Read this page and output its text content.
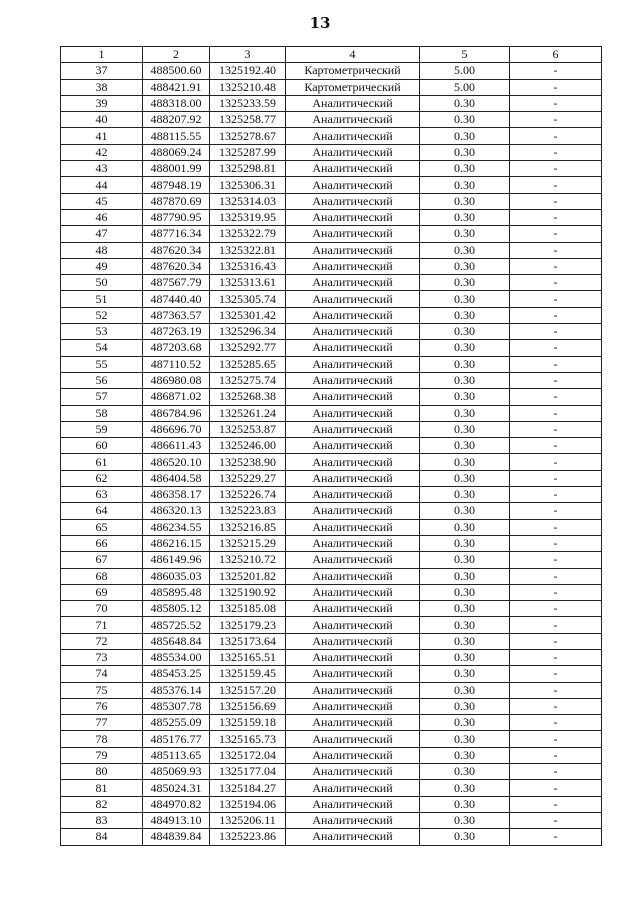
13
1	2	3	4	5	6
37	488500.60	1325192.40	Картометрический	5.00	-
38	488421.91	1325210.48	Картометрический	5.00	-
39	488318.00	1325233.59	Аналитический	0.30	-
40	488207.92	1325258.77	Аналитический	0.30	-
41	488115.55	1325278.67	Аналитический	0.30	-
42	488069.24	1325287.99	Аналитический	0.30	-
43	488001.99	1325298.81	Аналитический	0.30	-
44	487948.19	1325306.31	Аналитический	0.30	-
45	487870.69	1325314.03	Аналитический	0.30	-
46	487790.95	1325319.95	Аналитический	0.30	-
47	487716.34	1325322.79	Аналитический	0.30	-
48	487620.34	1325322.81	Аналитический	0.30	-
49	487620.34	1325316.43	Аналитический	0.30	-
50	487567.79	1325313.61	Аналитический	0.30	-
51	487440.40	1325305.74	Аналитический	0.30	-
52	487363.57	1325301.42	Аналитический	0.30	-
53	487263.19	1325296.34	Аналитический	0.30	-
54	487203.68	1325292.77	Аналитический	0.30	-
55	487110.52	1325285.65	Аналитический	0.30	-
56	486980.08	1325275.74	Аналитический	0.30	-
57	486871.02	1325268.38	Аналитический	0.30	-
58	486784.96	1325261.24	Аналитический	0.30	-
59	486696.70	1325253.87	Аналитический	0.30	-
60	486611.43	1325246.00	Аналитический	0.30	-
61	486520.10	1325238.90	Аналитический	0.30	-
62	486404.58	1325229.27	Аналитический	0.30	-
63	486358.17	1325226.74	Аналитический	0.30	-
64	486320.13	1325223.83	Аналитический	0.30	-
65	486234.55	1325216.85	Аналитический	0.30	-
66	486216.15	1325215.29	Аналитический	0.30	-
67	486149.96	1325210.72	Аналитический	0.30	-
68	486035.03	1325201.82	Аналитический	0.30	-
69	485895.48	1325190.92	Аналитический	0.30	-
70	485805.12	1325185.08	Аналитический	0.30	-
71	485725.52	1325179.23	Аналитический	0.30	-
72	485648.84	1325173.64	Аналитический	0.30	-
73	485534.00	1325165.51	Аналитический	0.30	-
74	485453.25	1325159.45	Аналитический	0.30	-
75	485376.14	1325157.20	Аналитический	0.30	-
76	485307.78	1325156.69	Аналитический	0.30	-
77	485255.09	1325159.18	Аналитический	0.30	-
78	485176.77	1325165.73	Аналитический	0.30	-
79	485113.65	1325172.04	Аналитический	0.30	-
80	485069.93	1325177.04	Аналитический	0.30	-
81	485024.31	1325184.27	Аналитический	0.30	-
82	484970.82	1325194.06	Аналитический	0.30	-
83	484913.10	1325206.11	Аналитический	0.30	-
84	484839.84	1325223.86	Аналитический	0.30	-
